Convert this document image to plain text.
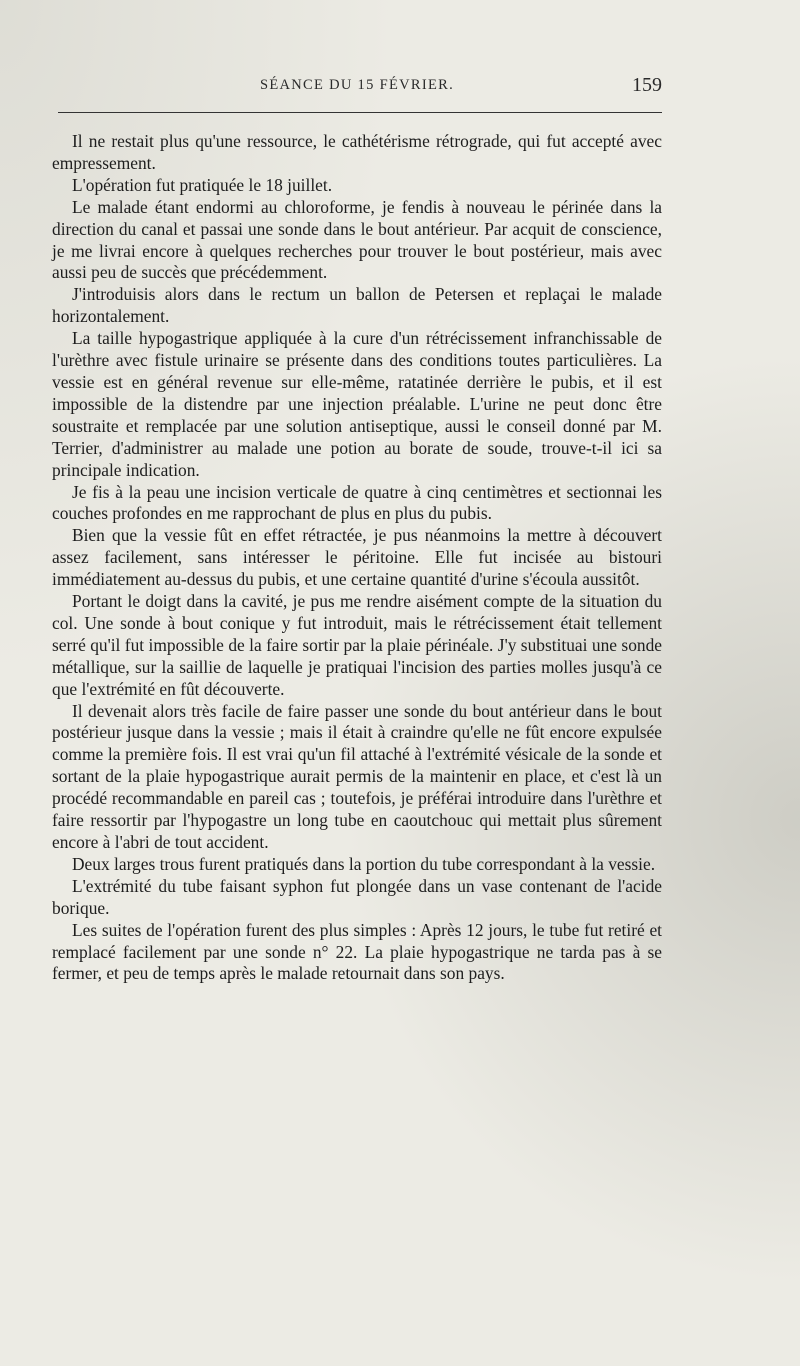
SÉANCE DU 15 FÉVRIER.	159

Il ne restait plus qu'une ressource, le cathétérisme rétrograde, qui fut accepté avec empressement.

L'opération fut pratiquée le 18 juillet.

Le malade étant endormi au chloroforme, je fendis à nouveau le périnée dans la direction du canal et passai une sonde dans le bout antérieur. Par acquit de conscience, je me livrai encore à quelques recherches pour trouver le bout postérieur, mais avec aussi peu de succès que précédemment.

J'introduisis alors dans le rectum un ballon de Petersen et replaçai le malade horizontalement.

La taille hypogastrique appliquée à la cure d'un rétrécissement infranchissable de l'urèthre avec fistule urinaire se présente dans des conditions toutes particulières. La vessie est en général revenue sur elle-même, ratatinée derrière le pubis, et il est impossible de la distendre par une injection préalable. L'urine ne peut donc être soustraite et remplacée par une solution antiseptique, aussi le conseil donné par M. Terrier, d'administrer au malade une potion au borate de soude, trouve-t-il ici sa principale indication.

Je fis à la peau une incision verticale de quatre à cinq centimètres et sectionnai les couches profondes en me rapprochant de plus en plus du pubis.

Bien que la vessie fût en effet rétractée, je pus néanmoins la mettre à découvert assez facilement, sans intéresser le péritoine. Elle fut incisée au bistouri immédiatement au-dessus du pubis, et une certaine quantité d'urine s'écoula aussitôt.

Portant le doigt dans la cavité, je pus me rendre aisément compte de la situation du col. Une sonde à bout conique y fut introduit, mais le rétrécissement était tellement serré qu'il fut impossible de la faire sortir par la plaie périnéale. J'y substituai une sonde métallique, sur la saillie de laquelle je pratiquai l'incision des parties molles jusqu'à ce que l'extrémité en fût découverte.

Il devenait alors très facile de faire passer une sonde du bout antérieur dans le bout postérieur jusque dans la vessie ; mais il était à craindre qu'elle ne fût encore expulsée comme la première fois. Il est vrai qu'un fil attaché à l'extrémité vésicale de la sonde et sortant de la plaie hypogastrique aurait permis de la maintenir en place, et c'est là un procédé recommandable en pareil cas ; toutefois, je préférai introduire dans l'urèthre et faire ressortir par l'hypogastre un long tube en caoutchouc qui mettait plus sûrement encore à l'abri de tout accident.

Deux larges trous furent pratiqués dans la portion du tube correspondant à la vessie.

L'extrémité du tube faisant syphon fut plongée dans un vase contenant de l'acide borique.

Les suites de l'opération furent des plus simples : Après 12 jours, le tube fut retiré et remplacé facilement par une sonde n° 22. La plaie hypogastrique ne tarda pas à se fermer, et peu de temps après le malade retournait dans son pays.
